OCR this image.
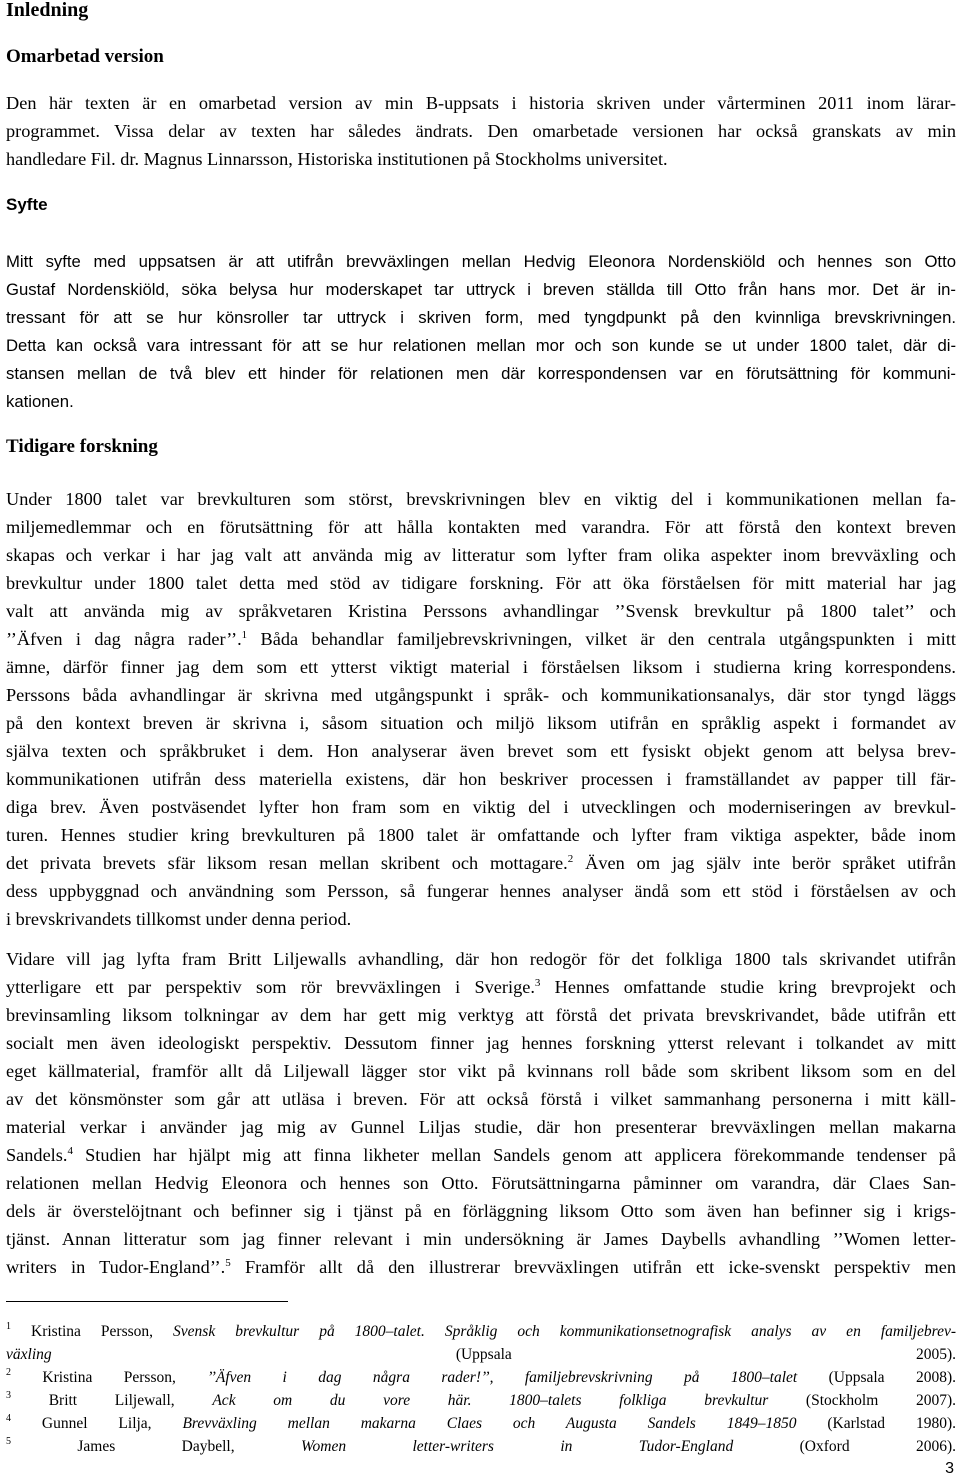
Inledning
Omarbetad version
Den här texten är en omarbetad version av min B-uppsats i historia skriven under vårterminen 2011 inom lärar-
programmet. Vissa delar av texten har således ändrats. Den omarbetade versionen har också granskats av min
handledare Fil. dr. Magnus Linnarsson, Historiska institutionen på Stockholms universitet.
Syfte
Mitt syfte med uppsatsen är att utifrån brevväxlingen mellan Hedvig Eleonora Nordenskiöld och hennes son Otto
Gustaf Nordenskiöld, söka belysa hur moderskapet tar uttryck i breven ställda till Otto från hans mor. Det är in-
tressant för att se hur könsroller tar uttryck i skriven form, med tyngdpunkt på den kvinnliga brevskrivningen.
Detta kan också vara intressant för att se hur relationen mellan mor och son kunde se ut under 1800 talet, där di-
stansen mellan de två blev ett hinder för relationen men där korrespondensen var en förutsättning för kommuni-
kationen.
Tidigare forskning
Under 1800 talet var brevkulturen som störst, brevskrivningen blev en viktig del i kommunikationen mellan fa-
miljemedlemmar och en förutsättning för att hålla kontakten med varandra. För att förstå den kontext breven
skapas och verkar i har jag valt att använda mig av litteratur som lyfter fram olika aspekter inom brevväxling och
brevkultur under 1800 talet detta med stöd av tidigare forskning. För att öka förståelsen för mitt material har jag
valt att använda mig av språkvetaren Kristina Perssons avhandlingar ’’Svensk brevkultur på 1800 talet’’ och
’’Äfven i dag några rader’’.$^1$ Båda behandlar familjebrevskrivningen, vilket är den centrala utgångspunkten i mitt
ämne, därför finner jag dem som ett ytterst viktigt material i förståelsen liksom i studierna kring korrespondens.
Perssons båda avhandlingar är skrivna med utgångspunkt i språk- och kommunikationsanalys, där stor tyngd läggs
på den kontext breven är skrivna i, såsom situation och miljö liksom utifrån en språklig aspekt i formandet av
själva texten och språkbruket i dem. Hon analyserar även brevet som ett fysiskt objekt genom att belysa brev-
kommunikationen utifrån dess materiella existens, där hon beskriver processen i framställandet av papper till fär-
diga brev. Även postväsendet lyfter hon fram som en viktig del i utvecklingen och moderniseringen av brevkul-
turen. Hennes studier kring brevkulturen på 1800 talet är omfattande och lyfter fram viktiga aspekter, både inom
det privata brevets sfär liksom resan mellan skribent och mottagare.$^2$ Även om jag själv inte berör språket utifrån
dess uppbyggnad och användning som Persson, så fungerar hennes analyser ändå som ett stöd i förståelsen av och
i brevskrivandets tillkomst under denna period.
Vidare vill jag lyfta fram Britt Liljewalls avhandling, där hon redogör för det folkliga 1800 tals skrivandet utifrån
ytterligare ett par perspektiv som rör brevväxlingen i Sverige.$^3$ Hennes omfattande studie kring brevprojekt och
brevinsamling liksom tolkningar av dem har gett mig verktyg att förstå det privata brevskrivandet, både utifrån ett
socialt men även ideologiskt perspektiv. Dessutom finner jag hennes forskning ytterst relevant i tolkandet av mitt
eget källmaterial, framför allt då Liljewall lägger stor vikt på kvinnans roll både som skribent liksom som en del
av det könsmönster som går att utläsa i breven. För att också förstå i vilket sammanhang personerna i mitt käll-
material verkar i använder jag mig av Gunnel Liljas studie, där hon presenterar brevväxlingen mellan makarna
Sandels.$^4$ Studien har hjälpt mig att finna likheter mellan Sandels genom att applicera förekommande tendenser på
relationen mellan Hedvig Eleonora och hennes son Otto. Förutsättningarna påminner om varandra, där Claes San-
dels är överstelöjtnant och befinner sig i tjänst på en förläggning liksom Otto som även han befinner sig i krigs-
tjänst. Annan litteratur som jag finner relevant i min undersökning är James Daybells avhandling ’’Women letter-
writers in Tudor-England’’.$^5$ Framför allt då den illustrerar brevväxlingen utifrån ett icke-svenskt perspektiv men
$^1$ Kristina Persson, Svensk brevkultur på 1800–talet. Språklig och kommunikationsetnografisk analys av en familjebrev-
växling (Uppsala 2005).
$^2$ Kristina Persson, ’’Äfven i dag några rader!’’, familjebrevskrivning på 1800–talet (Uppsala 2008).
$^3$ Britt Liljewall, Ack om du vore här. 1800–talets folkliga brevkultur (Stockholm 2007).
$^4$ Gunnel Lilja, Brevväxling mellan makarna Claes och Augusta Sandels 1849–1850 (Karlstad 1980).
$^5$ James Daybell, Women letter-writers in Tudor-England (Oxford 2006).
3
